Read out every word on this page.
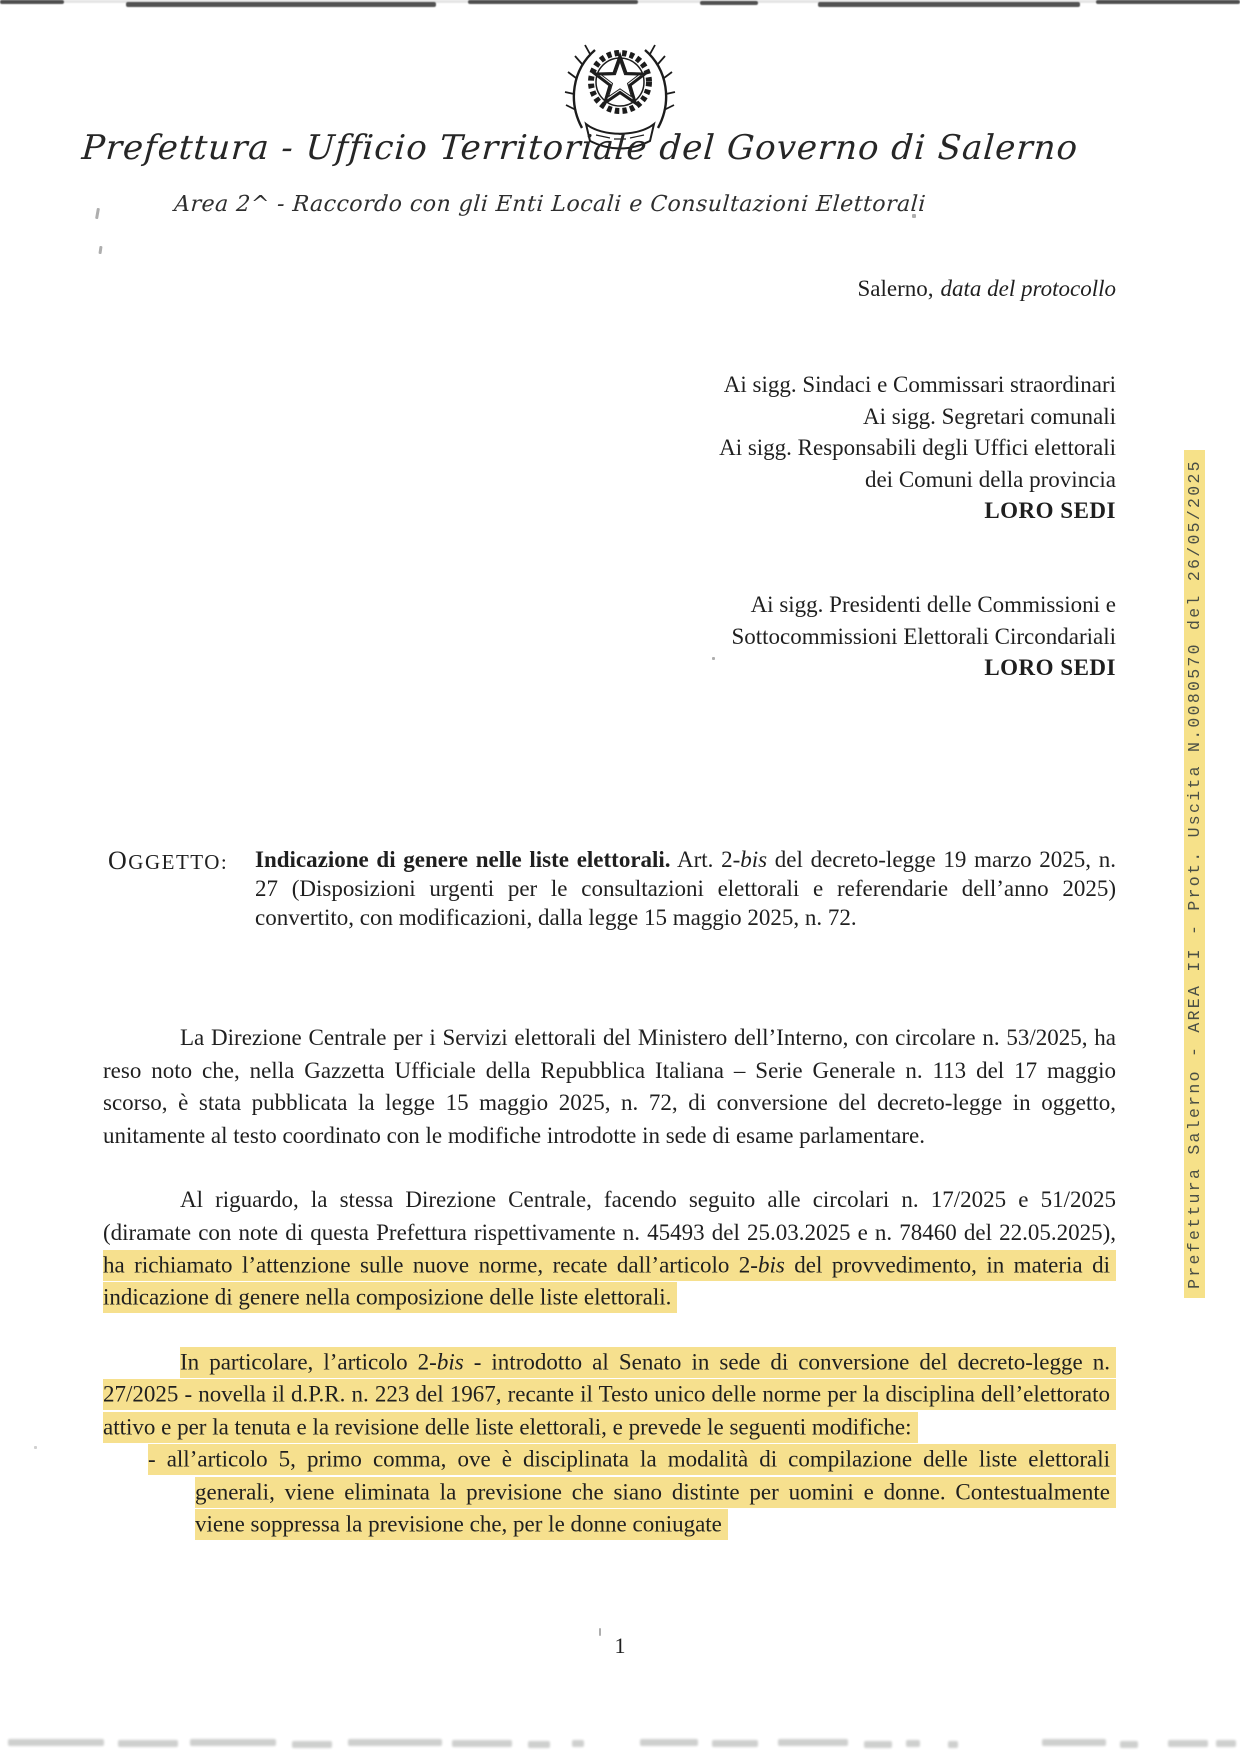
Prefettura - Ufficio Territoriale del Governo di Salerno
Area 2^ - Raccordo con gli Enti Locali e Consultazioni Elettorali
Salerno, data del protocollo
Ai sigg. Sindaci e Commissari straordinari
Ai sigg. Segretari comunali
Ai sigg. Responsabili degli Uffici elettorali
dei Comuni della provincia
LORO SEDI
Ai sigg. Presidenti delle Commissioni e
Sottocommissioni Elettorali Circondariali
LORO SEDI	Prefettura Salerno - AREA II - Prot. Uscita N.0080570 del 26/05/2025
OGGETTO: Indicazione di genere nelle liste elettorali. Art. 2-bis del decreto-legge 19 marzo 2025, n. 27 (Disposizioni urgenti per le consultazioni elettorali e referendarie dell’anno 2025) convertito, con modificazioni, dalla legge 15 maggio 2025, n. 72.

La Direzione Centrale per i Servizi elettorali del Ministero dell’Interno, con circolare n. 53/2025, ha reso noto che, nella Gazzetta Ufficiale della Repubblica Italiana – Serie Generale n. 113 del 17 maggio scorso, è stata pubblicata la legge 15 maggio 2025, n. 72, di conversione del decreto-legge in oggetto, unitamente al testo coordinato con le modifiche introdotte in sede di esame parlamentare.

Al riguardo, la stessa Direzione Centrale, facendo seguito alle circolari n. 17/2025 e 51/2025 (diramate con note di questa Prefettura rispettivamente n. 45493 del 25.03.2025 e n. 78460 del 22.05.2025), ha richiamato l’attenzione sulle nuove norme, recate dall’articolo 2-bis del provvedimento, in materia di indicazione di genere nella composizione delle liste elettorali.

In particolare, l’articolo 2-bis - introdotto al Senato in sede di conversione del decreto-legge n. 27/2025 - novella il d.P.R. n. 223 del 1967, recante il Testo unico delle norme per la disciplina dell’elettorato attivo e per la tenuta e la revisione delle liste elettorali, e prevede le seguenti modifiche:

- all’articolo 5, primo comma, ove è disciplinata la modalità di compilazione delle liste elettorali generali, viene eliminata la previsione che siano distinte per uomini e donne. Contestualmente viene soppressa la previsione che, per le donne coniugate

1
